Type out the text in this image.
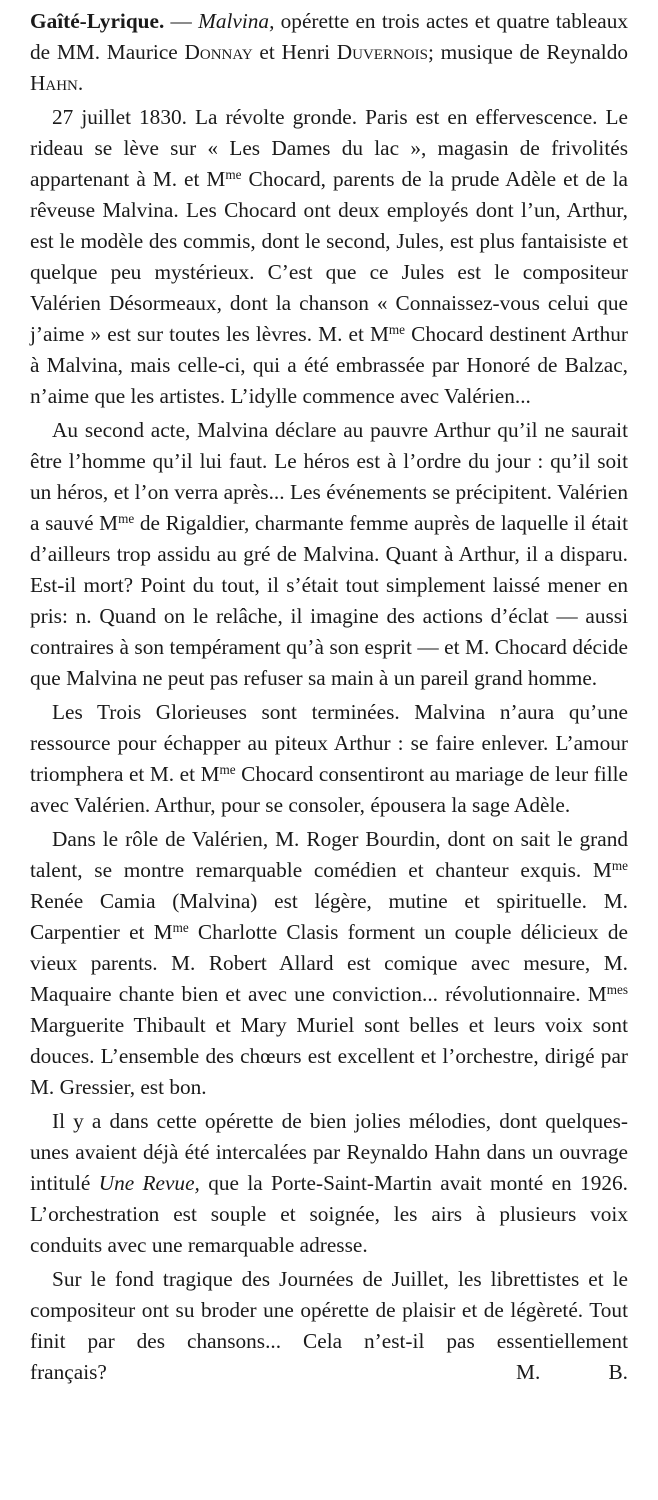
Gaîté-Lyrique. — Malvina, opérette en trois actes et quatre tableaux de MM. Maurice Donnay et Henri Duvernois; musique de Reynaldo Hahn.

27 juillet 1830. La révolte gronde. Paris est en effervescence. Le rideau se lève sur « Les Dames du lac », magasin de frivolités appartenant à M. et $M^{me}$ Chocard, parents de la prude Adèle et de la rêveuse Malvina. Les Chocard ont deux employés dont l’un, Arthur, est le modèle des commis, dont le second, Jules, est plus fantaisiste et quelque peu mystérieux. C’est que ce Jules est le compositeur Valérien Désormeaux, dont la chanson « Connaissez-vous celui que j’aime » est sur toutes les lèvres. M. et $M^{me}$ Chocard destinent Arthur à Malvina, mais celle-ci, qui a été embrassée par Honoré de Balzac, n’aime que les artistes. L’idylle commence avec Valérien...

Au second acte, Malvina déclare au pauvre Arthur qu’il ne saurait être l’homme qu’il lui faut. Le héros est à l’ordre du jour : qu’il soit un héros, et l’on verra après... Les événements se précipitent. Valérien a sauvé $M^{me}$ de Rigaldier, charmante femme auprès de laquelle il était d’ailleurs trop assidu au gré de Malvina. Quant à Arthur, il a disparu. Est-il mort? Point du tout, il s’était tout simplement laissé mener en pris: n. Quand on le relâche, il imagine des actions d’éclat — aussi contraires à son tempérament qu’à son esprit — et M. Chocard décide que Malvina ne peut pas refuser sa main à un pareil grand homme.

Les Trois Glorieuses sont terminées. Malvina n’aura qu’une ressource pour échapper au piteux Arthur : se faire enlever. L’amour triomphera et M. et $M^{me}$ Chocard consentiront au mariage de leur fille avec Valérien. Arthur, pour se consoler, épousera la sage Adèle.

Dans le rôle de Valérien, M. Roger Bourdin, dont on sait le grand talent, se montre remarquable comédien et chanteur exquis. $M^{me}$ Renée Camia (Malvina) est légère, mutine et spirituelle. M. Carpentier et $M^{me}$ Charlotte Clasis forment un couple délicieux de vieux parents. M. Robert Allard est comique avec mesure, M. Maquaire chante bien et avec une conviction... révolutionnaire. $M^{mes}$ Marguerite Thibault et Mary Muriel sont belles et leurs voix sont douces. L’ensemble des chœurs est excellent et l’orchestre, dirigé par M. Gressier, est bon.

Il y a dans cette opérette de bien jolies mélodies, dont quelques-unes avaient déjà été intercalées par Reynaldo Hahn dans un ouvrage intitulé Une Revue, que la Porte-Saint-Martin avait monté en 1926. L’orchestration est souple et soignée, les airs à plusieurs voix conduits avec une remarquable adresse.

Sur le fond tragique des Journées de Juillet, les librettistes et le compositeur ont su broder une opérette de plaisir et de légèreté. Tout finit par des chansons... Cela n’est-il pas essentiellement français?	M. B.
